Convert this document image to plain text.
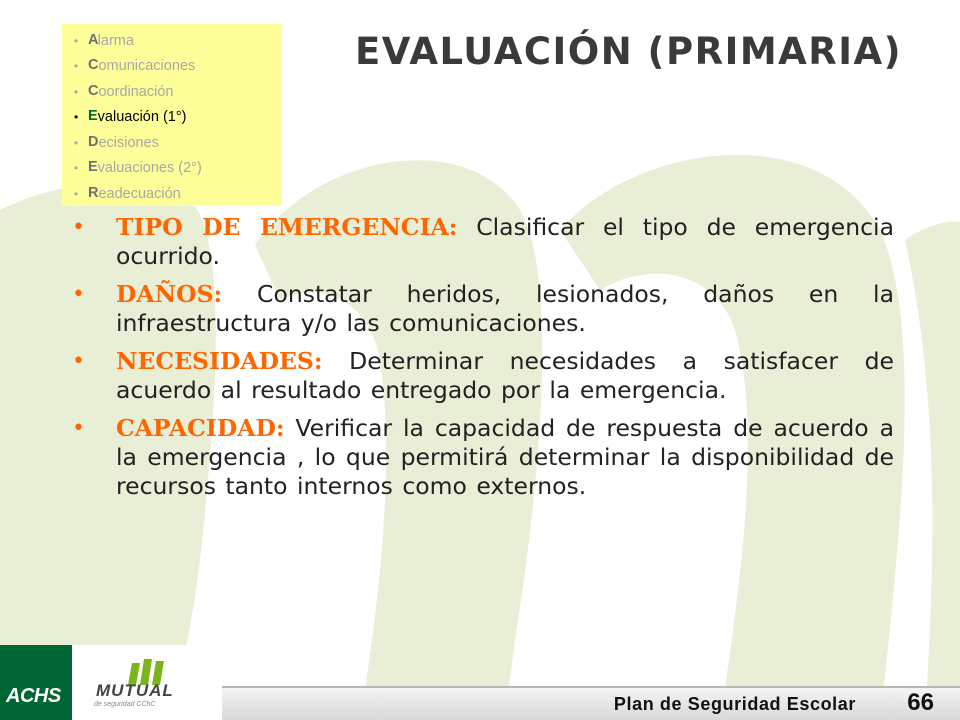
• A larma
• C omunicaciones
• C oordinación
• E valuación (1°)
• D ecisiones
• E valuaciones (2°)
• R eadecuación
EVALUACIÓN (PRIMARIA)

• TIPO DE EMERGENCIA: Clasificar el tipo de emergencia ocurrido.

• DAÑOS: Constatar heridos, lesionados, daños en la infraestructura y/o las comunicaciones.

• NECESIDADES: Determinar necesidades a satisfacer de acuerdo al resultado entregado por la emergencia.

• CAPACIDAD: Verificar la capacidad de respuesta de acuerdo a la emergencia , lo que permitirá determinar la disponibilidad de recursos tanto internos como externos.

ACHS MUTUAL
de seguridad CChC	Plan de Seguridad Escolar 66
